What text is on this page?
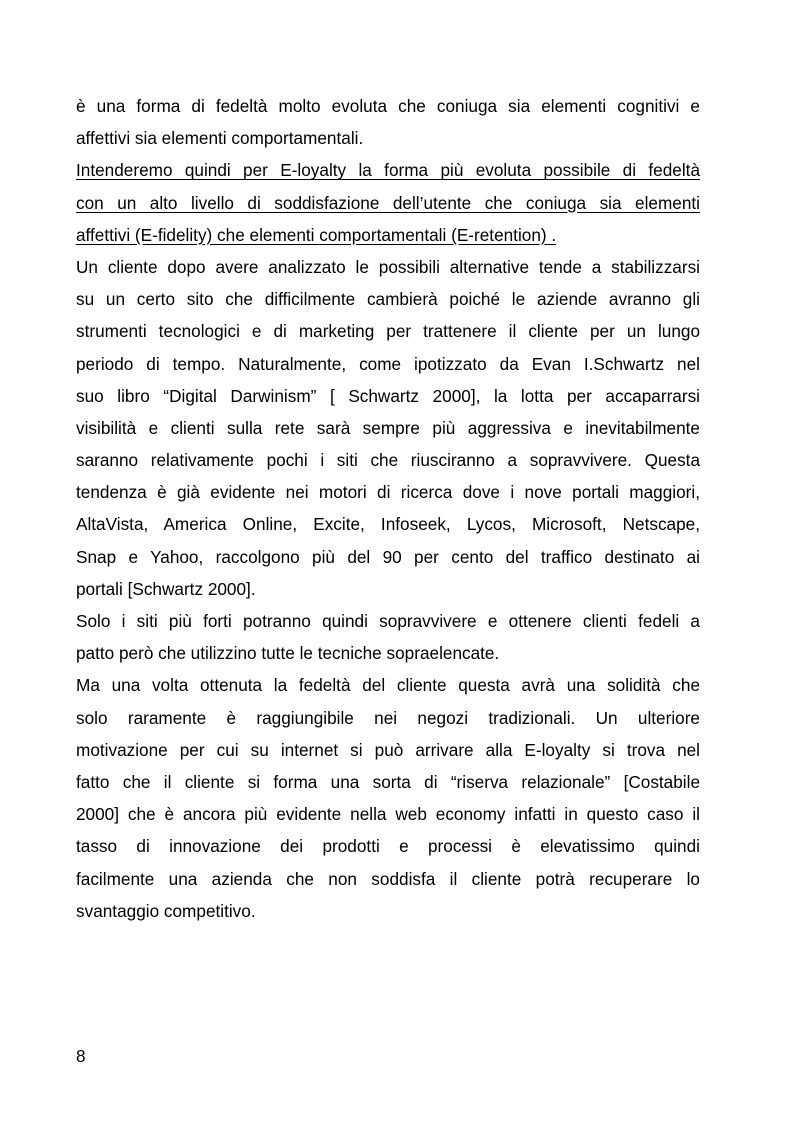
è una forma di fedeltà molto evoluta che coniuga sia elementi cognitivi e
affettivi sia elementi comportamentali.
Intenderemo quindi per E-loyalty la forma più evoluta possibile di fedeltà
con un alto livello di soddisfazione dell’utente che coniuga sia elementi
affettivi (E-fidelity) che elementi comportamentali (E-retention) .
Un cliente dopo avere analizzato le possibili alternative tende a stabilizzarsi
su un certo sito che difficilmente cambierà poiché le aziende avranno gli
strumenti tecnologici e di marketing per trattenere il cliente per un lungo
periodo di tempo. Naturalmente, come ipotizzato da Evan I.Schwartz nel
suo libro “Digital Darwinism” [ Schwartz 2000], la lotta per accaparrarsi
visibilità e clienti sulla rete sarà sempre più aggressiva e inevitabilmente
saranno relativamente pochi i siti che riusciranno a sopravvivere. Questa
tendenza è già evidente nei motori di ricerca dove i nove portali maggiori,
AltaVista, America Online, Excite, Infoseek, Lycos, Microsoft, Netscape,
Snap e Yahoo, raccolgono più del 90 per cento del traffico destinato ai
portali [Schwartz 2000].
Solo i siti più forti potranno quindi sopravvivere e ottenere clienti fedeli a
patto però che utilizzino tutte le tecniche sopraelencate.
Ma una volta ottenuta la fedeltà del cliente questa avrà una solidità che
solo raramente è raggiungibile nei negozi tradizionali. Un ulteriore
motivazione per cui su internet si può arrivare alla E-loyalty si trova nel
fatto che il cliente si forma una sorta di “riserva relazionale” [Costabile
2000] che è ancora più evidente nella web economy infatti in questo caso il
tasso di innovazione dei prodotti e processi è elevatissimo quindi
facilmente una azienda che non soddisfa il cliente potrà recuperare lo
svantaggio competitivo.
8
